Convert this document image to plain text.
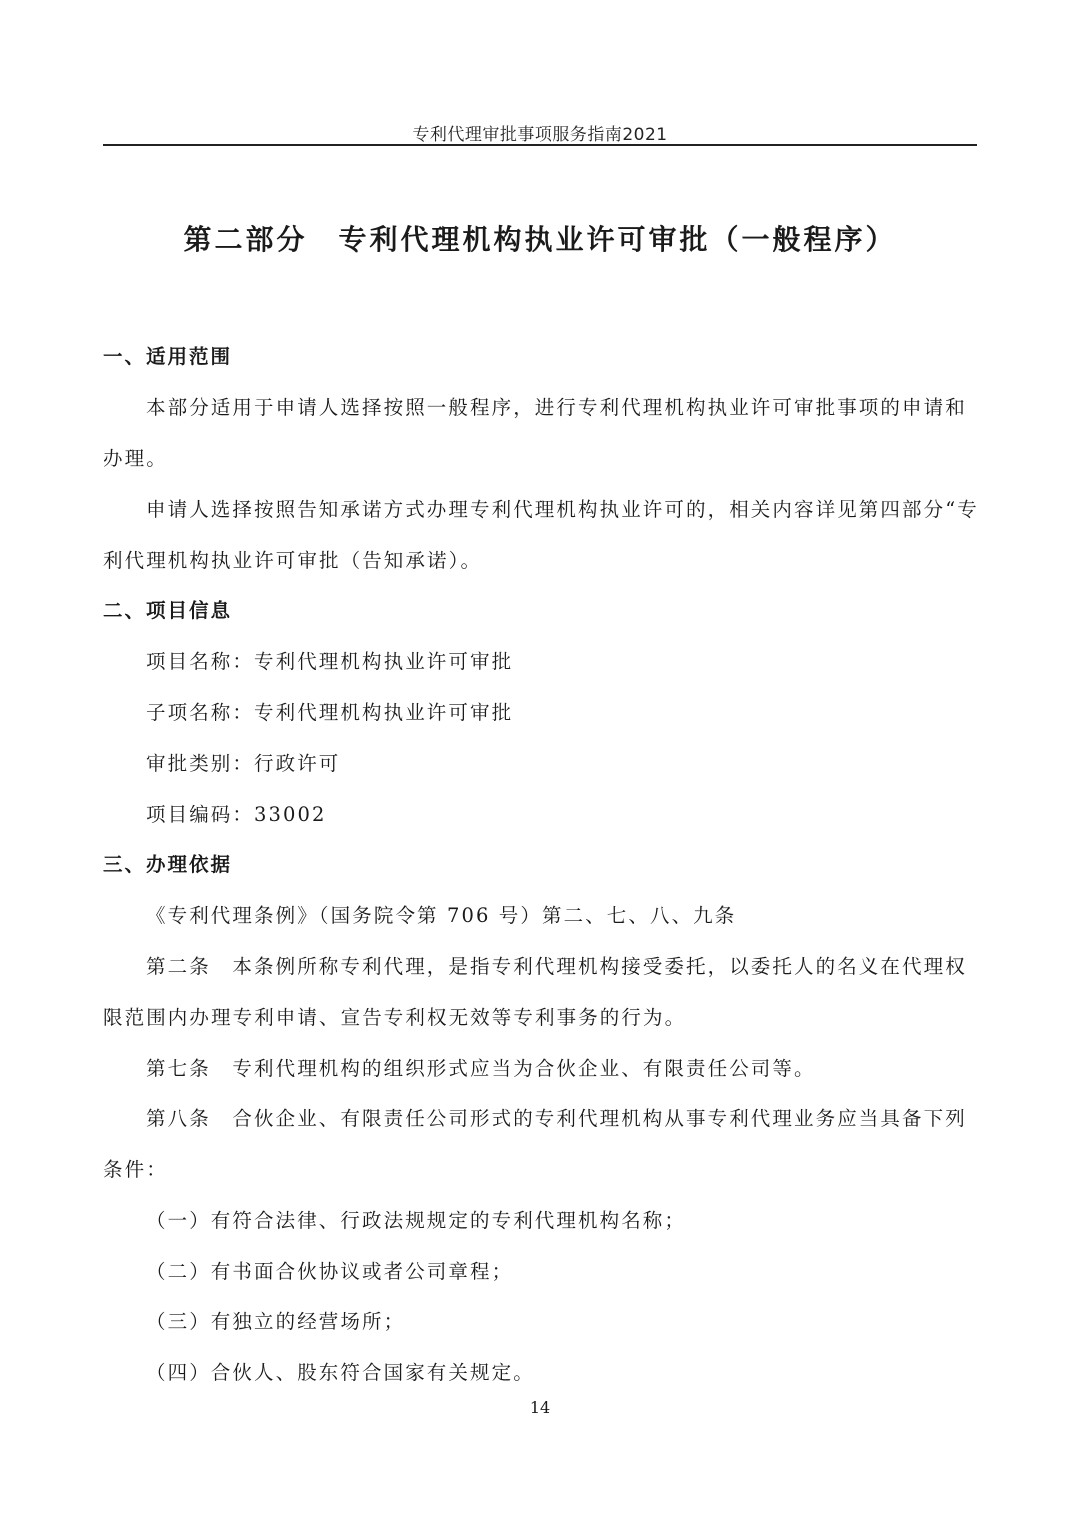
专利代理审批事项服务指南2021
第二部分　专利代理机构执业许可审批（一般程序）
一、适用范围
本部分适用于申请人选择按照一般程序，进行专利代理机构执业许可审批事项的申请和
办理。
申请人选择按照告知承诺方式办理专利代理机构执业许可的，相关内容详见第四部分“专
利代理机构执业许可审批（告知承诺）。
二、项目信息
项目名称：专利代理机构执业许可审批
子项名称：专利代理机构执业许可审批
审批类别：行政许可
项目编码：33002
三、办理依据
《专利代理条例》（国务院令第 706 号）第二、七、八、九条
第二条　本条例所称专利代理，是指专利代理机构接受委托，以委托人的名义在代理权
限范围内办理专利申请、宣告专利权无效等专利事务的行为。
第七条　专利代理机构的组织形式应当为合伙企业、有限责任公司等。
第八条　合伙企业、有限责任公司形式的专利代理机构从事专利代理业务应当具备下列
条件：
（一）有符合法律、行政法规规定的专利代理机构名称；
（二）有书面合伙协议或者公司章程；
（三）有独立的经营场所；
（四）合伙人、股东符合国家有关规定。
14
